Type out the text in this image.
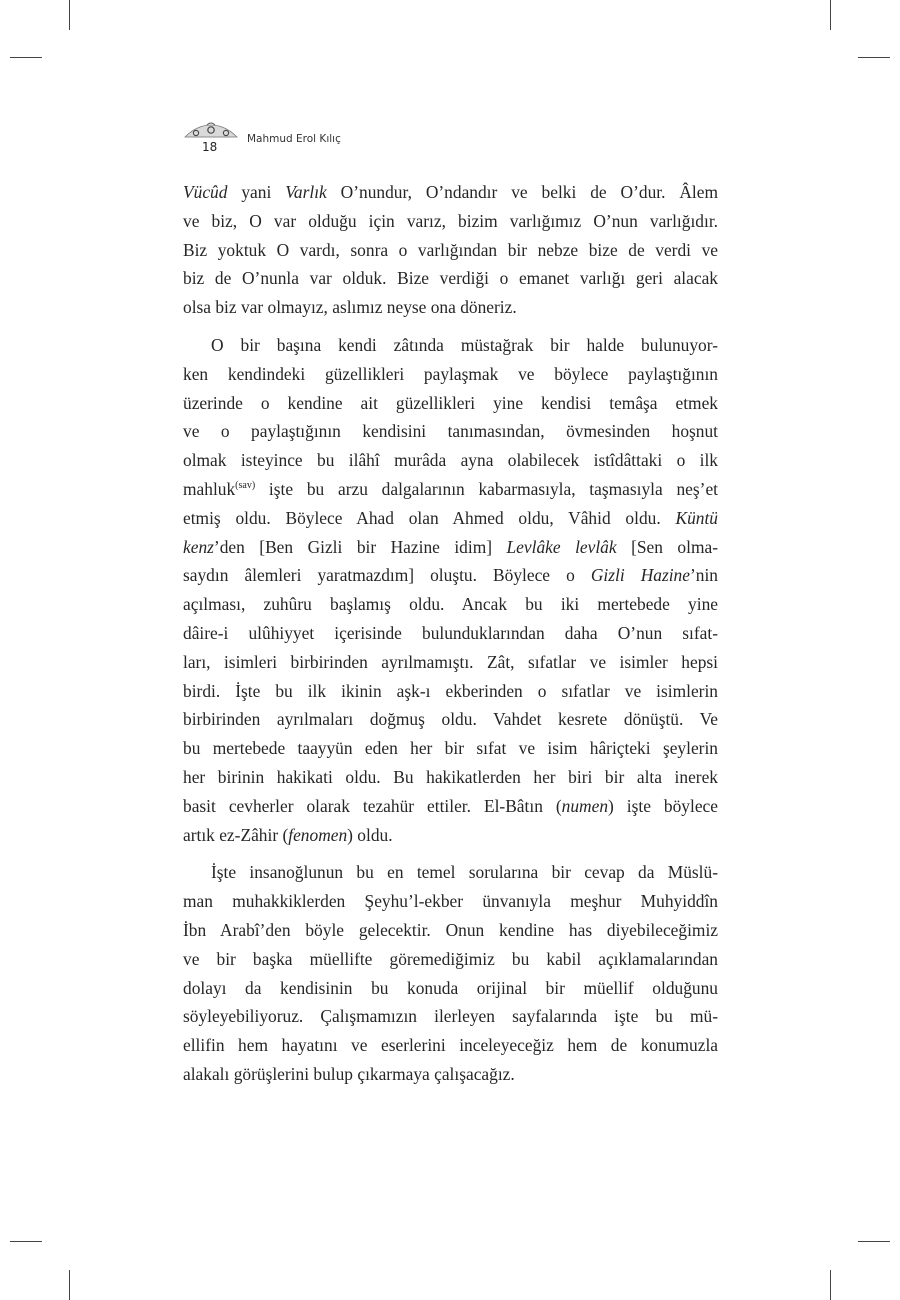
18
Mahmud Erol Kılıç

Vücûd yani Varlık O’nundur, O’ndandır ve belki de O’dur. Âlem
ve biz, O var olduğu için varız, bizim varlığımız O’nun varlığıdır.
Biz yoktuk O vardı, sonra o varlığından bir nebze bize de verdi ve
biz de O’nunla var olduk. Bize verdiği o emanet varlığı geri alacak
olsa biz var olmayız, aslımız neyse ona döneriz.

O bir başına kendi zâtında müstağrak bir halde bulunuyor-
ken kendindeki güzellikleri paylaşmak ve böylece paylaştığının
üzerinde o kendine ait güzellikleri yine kendisi temâşa etmek
ve o paylaştığının kendisini tanımasından, övmesinden hoşnut
olmak isteyince bu ilâhî murâda ayna olabilecek istîdâttaki o ilk
mahluk$^{(sav)}$ işte bu arzu dalgalarının kabarmasıyla, taşmasıyla neş’et
etmiş oldu. Böylece Ahad olan Ahmed oldu, Vâhid oldu. Küntü
kenz’den [Ben Gizli bir Hazine idim] Levlâke levlâk [Sen olma-
saydın âlemleri yaratmazdım] oluştu. Böylece o Gizli Hazine’nin
açılması, zuhûru başlamış oldu. Ancak bu iki mertebede yine
dâire-i ulûhiyyet içerisinde bulunduklarından daha O’nun sıfat-
ları, isimleri birbirinden ayrılmamıştı. Zât, sıfatlar ve isimler hepsi
birdi. İşte bu ilk ikinin aşk-ı ekberinden o sıfatlar ve isimlerin
birbirinden ayrılmaları doğmuş oldu. Vahdet kesrete dönüştü. Ve
bu mertebede taayyün eden her bir sıfat ve isim hâriçteki şeylerin
her birinin hakikati oldu. Bu hakikatlerden her biri bir alta inerek
basit cevherler olarak tezahür ettiler. El-Bâtın (numen) işte böylece
artık ez-Zâhir (fenomen) oldu.

İşte insanoğlunun bu en temel sorularına bir cevap da Müslü-
man muhakkiklerden Şeyhu’l-ekber ünvanıyla meşhur Muhyiddîn
İbn Arabî’den böyle gelecektir. Onun kendine has diyebileceğimiz
ve bir başka müellifte göremediğimiz bu kabil açıklamalarından
dolayı da kendisinin bu konuda orijinal bir müellif olduğunu
söyleyebiliyoruz. Çalışmamızın ilerleyen sayfalarında işte bu mü-
ellifin hem hayatını ve eserlerini inceleyeceğiz hem de konumuzla
alakalı görüşlerini bulup çıkarmaya çalışacağız.
